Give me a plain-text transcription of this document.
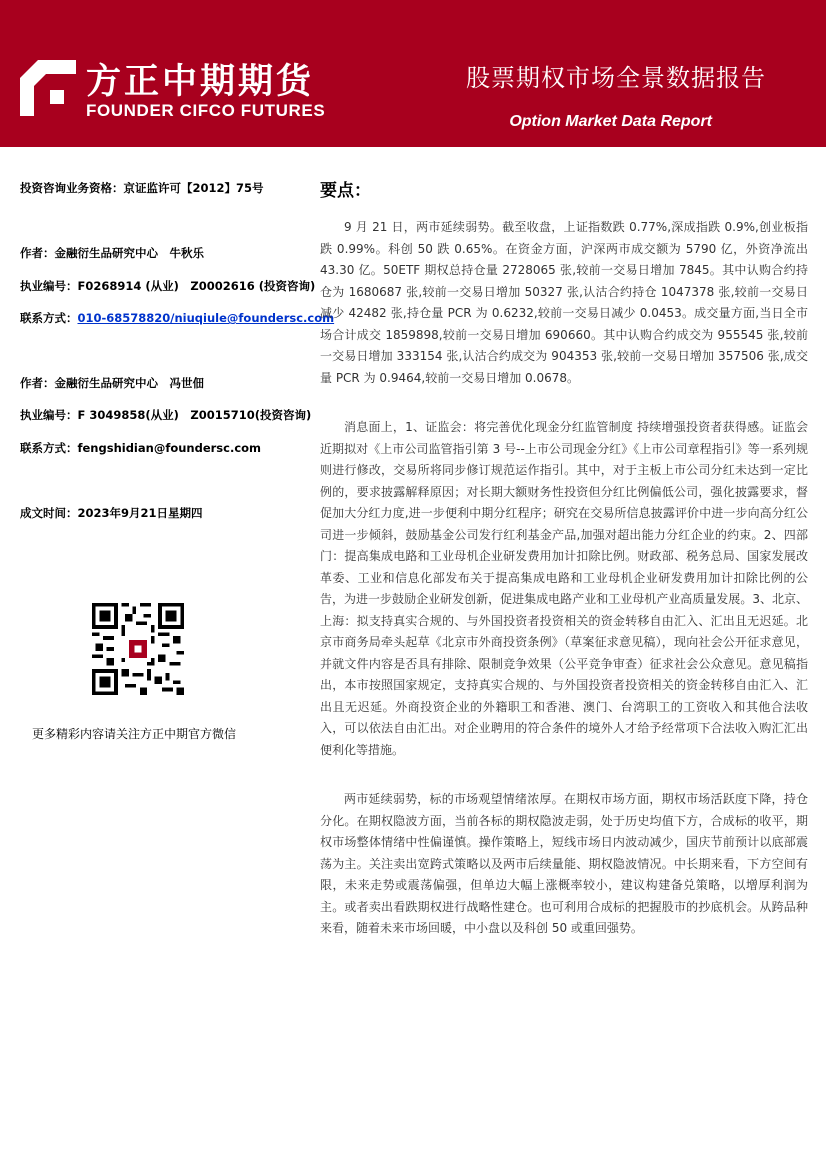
方正中期期货
FOUNDER CIFCO FUTURES
股票期权市场全景数据报告
Option Market Data Report
投资咨询业务资格：京证监许可【2012】75号
作者：金融衍生品研究中心　牛秋乐
执业编号：F0268914 (从业)　Z0002616 (投资咨询)
联系方式：010-68578820/niuqiule@foundersc.com
作者：金融衍生品研究中心　冯世佃
执业编号：F 3049858(从业)　Z0015710(投资咨询)
联系方式：fengshidian@foundersc.com
成文时间：2023年9月21日星期四
更多精彩内容请关注方正中期官方微信
要点：

9 月 21 日，两市延续弱势。截至收盘，上证指数跌 0.77%,深成指跌 0.9%,创业板指跌 0.99%。科创 50 跌 0.65%。在资金方面，沪深两市成交额为 5790 亿，外资净流出 43.30 亿。50ETF 期权总持仓量 2728065 张,较前一交易日增加 7845。其中认购合约持仓为 1680687 张,较前一交易日增加 50327 张,认沽合约持仓 1047378 张,较前一交易日减少 42482 张,持仓量 PCR 为 0.6232,较前一交易日减少 0.0453。成交量方面,当日全市场合计成交 1859898,较前一交易日增加 690660。其中认购合约成交为 955545 张,较前一交易日增加 333154 张,认沽合约成交为 904353 张,较前一交易日增加 357506 张,成交量 PCR 为 0.9464,较前一交易日增加 0.0678。

消息面上，1、证监会：将完善优化现金分红监管制度 持续增强投资者获得感。证监会近期拟对《上市公司监管指引第 3 号--上市公司现金分红》《上市公司章程指引》等一系列规则进行修改，交易所将同步修订规范运作指引。其中，对于主板上市公司分红未达到一定比例的，要求披露解释原因；对长期大额财务性投资但分红比例偏低公司，强化披露要求，督促加大分红力度,进一步便利中期分红程序；研究在交易所信息披露评价中进一步向高分红公司进一步倾斜，鼓励基金公司发行红利基金产品,加强对超出能力分红企业的约束。2、四部门：提高集成电路和工业母机企业研发费用加计扣除比例。财政部、税务总局、国家发展改革委、工业和信息化部发布关于提高集成电路和工业母机企业研发费用加计扣除比例的公告，为进一步鼓励企业研发创新，促进集成电路产业和工业母机产业高质量发展。3、北京、上海：拟支持真实合规的、与外国投资者投资相关的资金转移自由汇入、汇出且无迟延。北京市商务局牵头起草《北京市外商投资条例》（草案征求意见稿），现向社会公开征求意见，并就文件内容是否具有排除、限制竞争效果（公平竞争审查）征求社会公众意见。意见稿指出，本市按照国家规定，支持真实合规的、与外国投资者投资相关的资金转移自由汇入、汇出且无迟延。外商投资企业的外籍职工和香港、澳门、台湾职工的工资收入和其他合法收入，可以依法自由汇出。对企业聘用的符合条件的境外人才给予经常项下合法收入购汇汇出便利化等措施。

两市延续弱势，标的市场观望情绪浓厚。在期权市场方面，期权市场活跃度下降，持仓分化。在期权隐波方面，当前各标的期权隐波走弱，处于历史均值下方，合成标的收平，期权市场整体情绪中性偏谨慎。操作策略上，短线市场日内波动减少，国庆节前预计以底部震荡为主。关注卖出宽跨式策略以及两市后续量能、期权隐波情况。中长期来看，下方空间有限，未来走势或震荡偏强，但单边大幅上涨概率较小，建议构建备兑策略，以增厚利润为主。或者卖出看跌期权进行战略性建仓。也可利用合成标的把握股市的抄底机会。从跨品种来看，随着未来市场回暖，中小盘以及科创 50 或重回强势。
